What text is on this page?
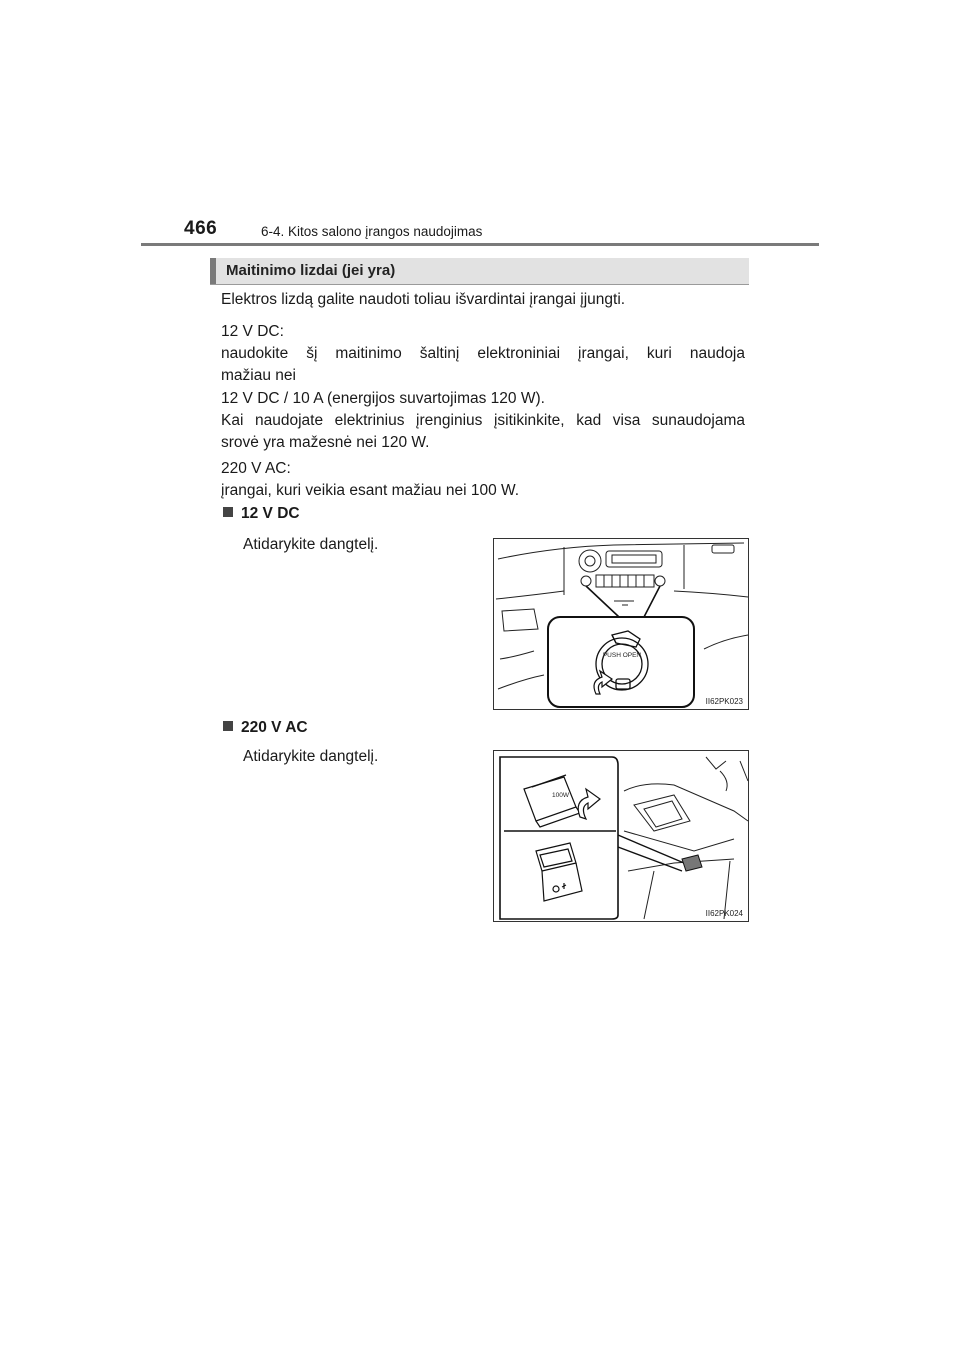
466	6-4. Kitos salono įrangos naudojimas
Maitinimo lizdai (jei yra)
Elektros lizdą galite naudoti toliau išvardintai įrangai įjungti.
12 V DC:
naudokite šį maitinimo šaltinį elektroniniai įrangai, kuri naudoja
mažiau nei
12 V DC / 10 A (energijos suvartojimas 120 W).
Kai naudojate elektrinius įrenginius įsitikinkite, kad visa sunaudojama
srovė yra mažesnė nei 120 W.
220 V AC:
įrangai, kuri veikia esant mažiau nei 100 W.
12 V DC
Atidarykite dangtelį.
PUSH OPEN
II62PK023
220 V AC
Atidarykite dangtelį.
100W
II62PK024
